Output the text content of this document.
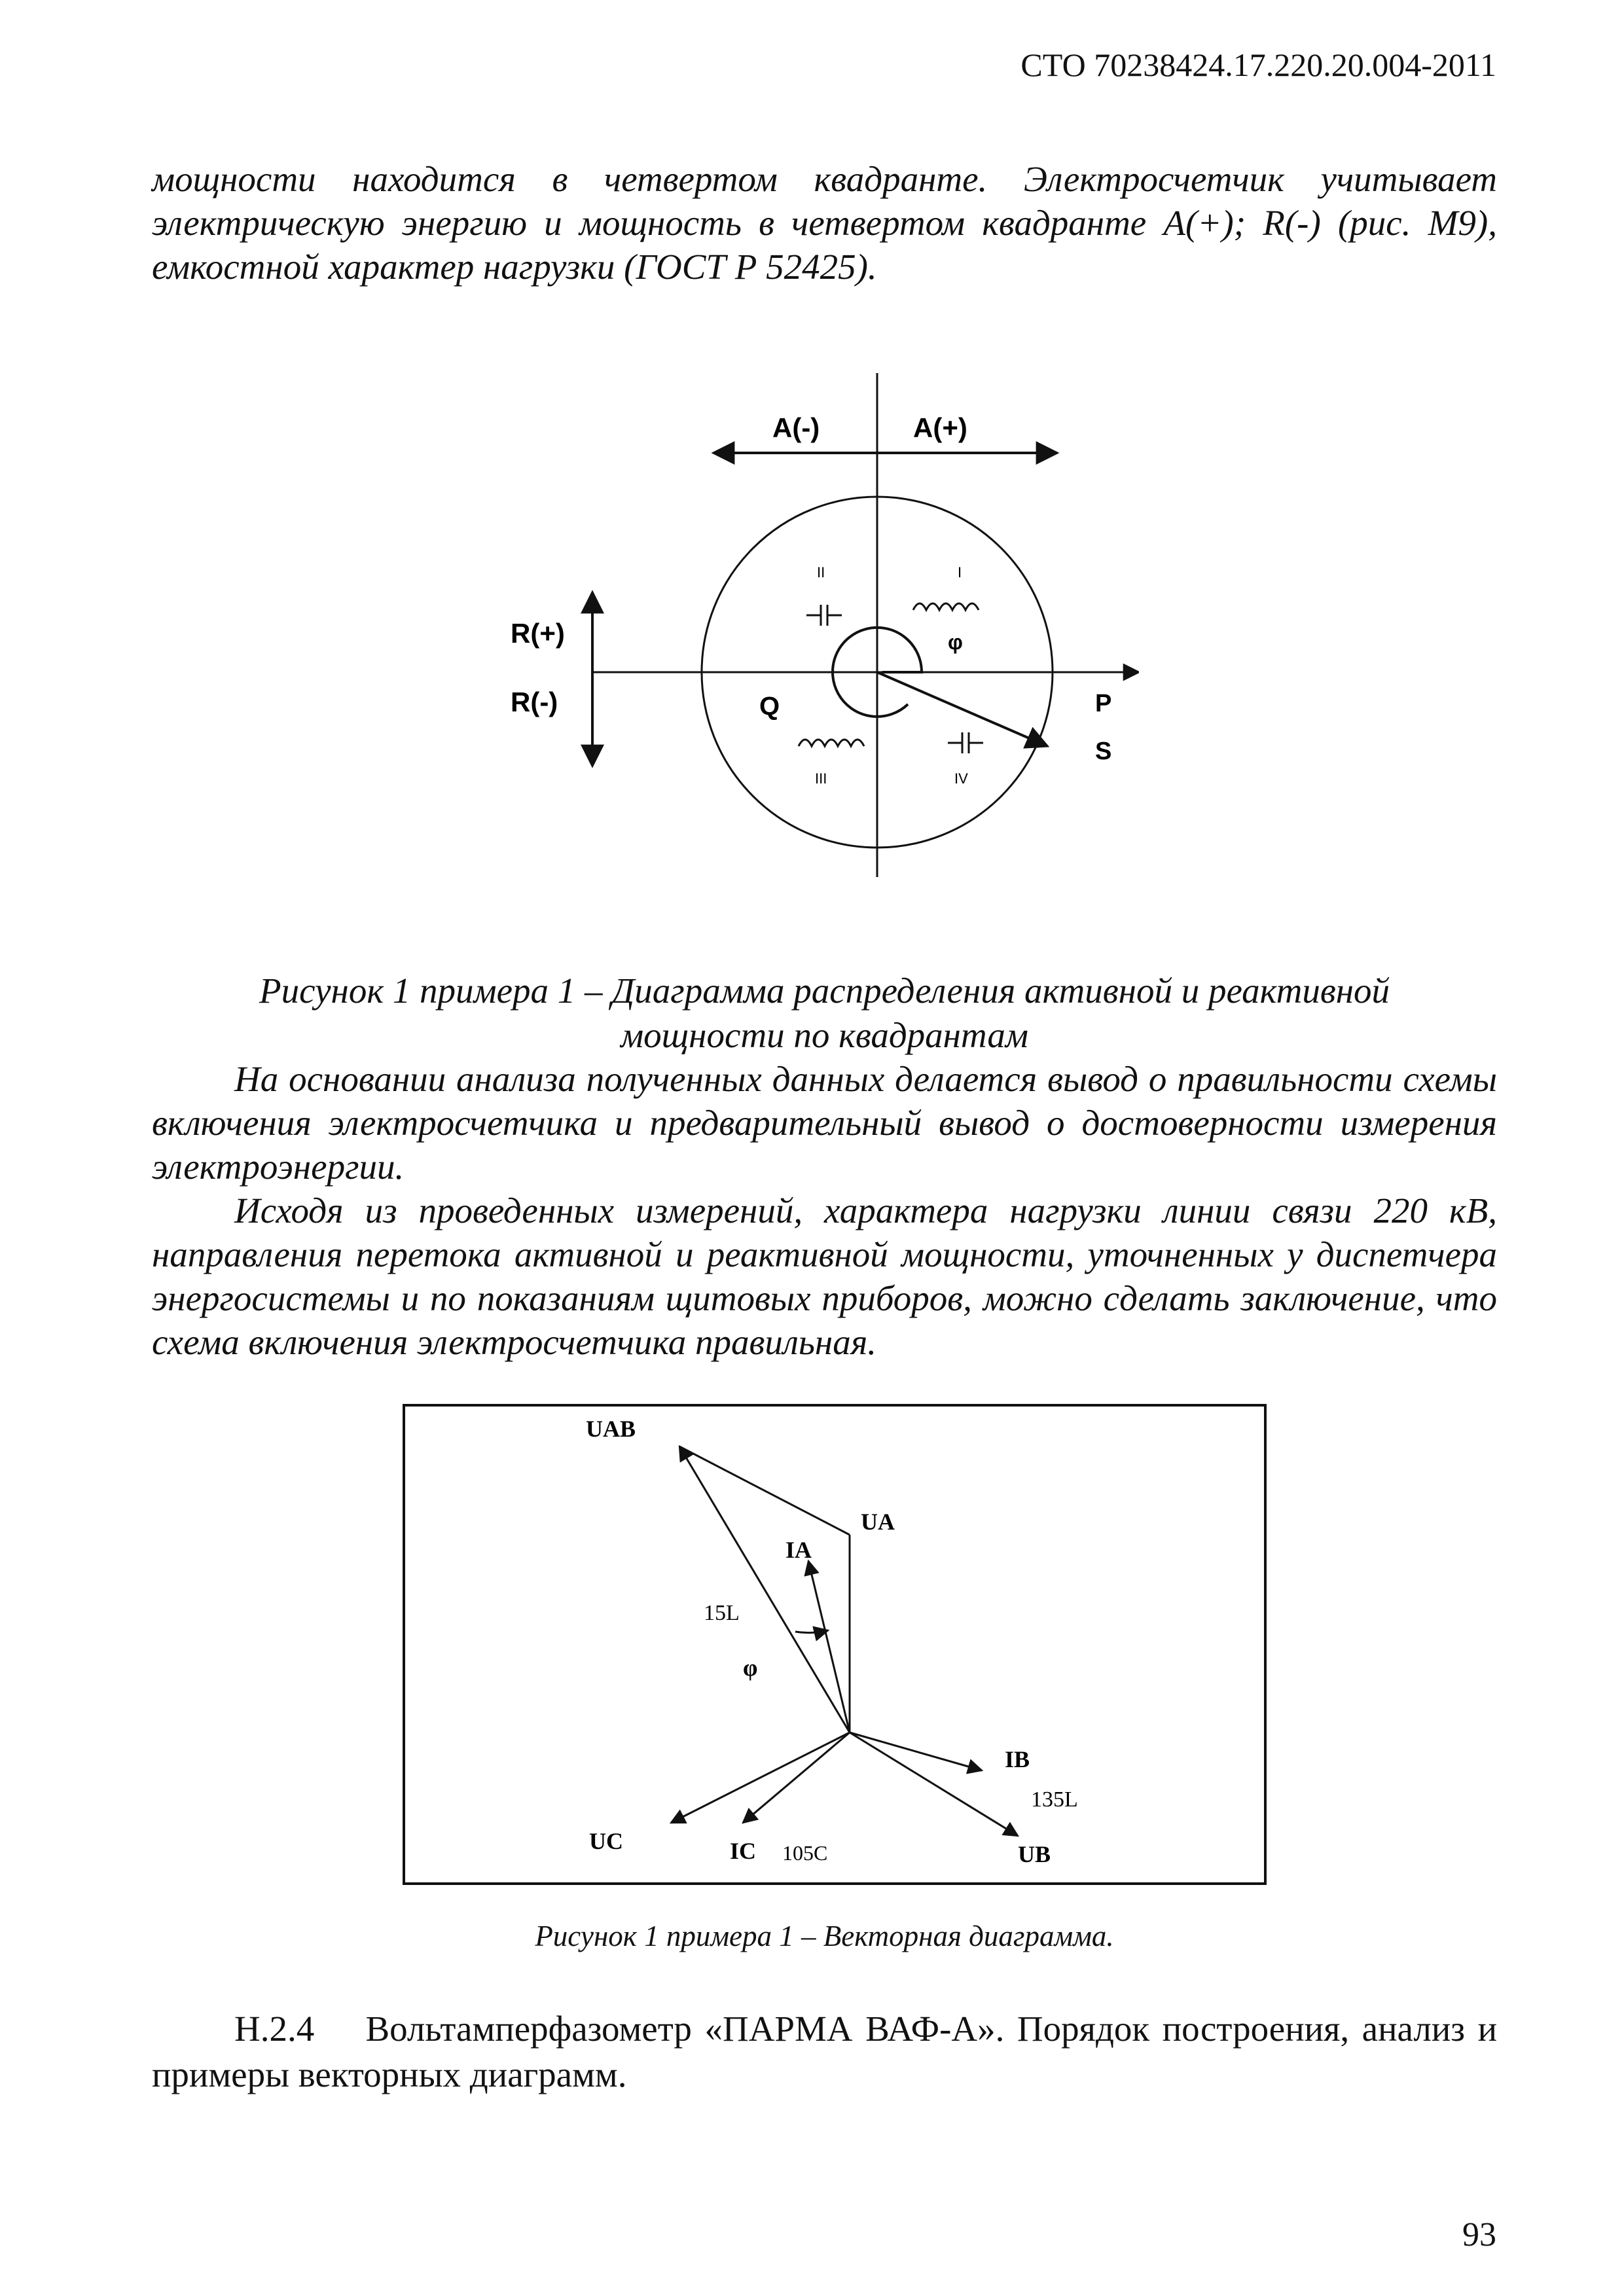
СТО 70238424.17.220.20.004-2011

мощности находится в четвертом квадранте. Электросчетчик учитывает электрическую энергию и мощность в четвертом квадранте А(+); R(-) (рис. М9), емкостной характер нагрузки (ГОСТ Р 52425).

A(-)	A(+)
R(+)
R(-)	P
S
Q
φ
I
II
III	IV
Рисунок 1 примера 1 – Диаграмма распределения активной и реактивной
мощности по квадрантам

На основании анализа полученных данных делается вывод о правильности схемы включения электросчетчика и предварительный вывод о достоверности измерения электроэнергии.

Исходя из проведенных измерений, характера нагрузки линии связи 220 кВ, направления перетока активной и реактивной мощности, уточненных у диспетчера энергосистемы и по показаниям щитовых приборов, можно сделать заключение, что схема включения электросчетчика правильная.

UAB
UA
IA
15L
φ
IB
135L
UB
UC	IC 105C
Рисунок 1 примера 1 – Векторная диаграмма.

Н.2.4 Вольтамперфазометр «ПАРМА ВАФ-А». Порядок построения, анализ и примеры векторных диаграмм.

93
